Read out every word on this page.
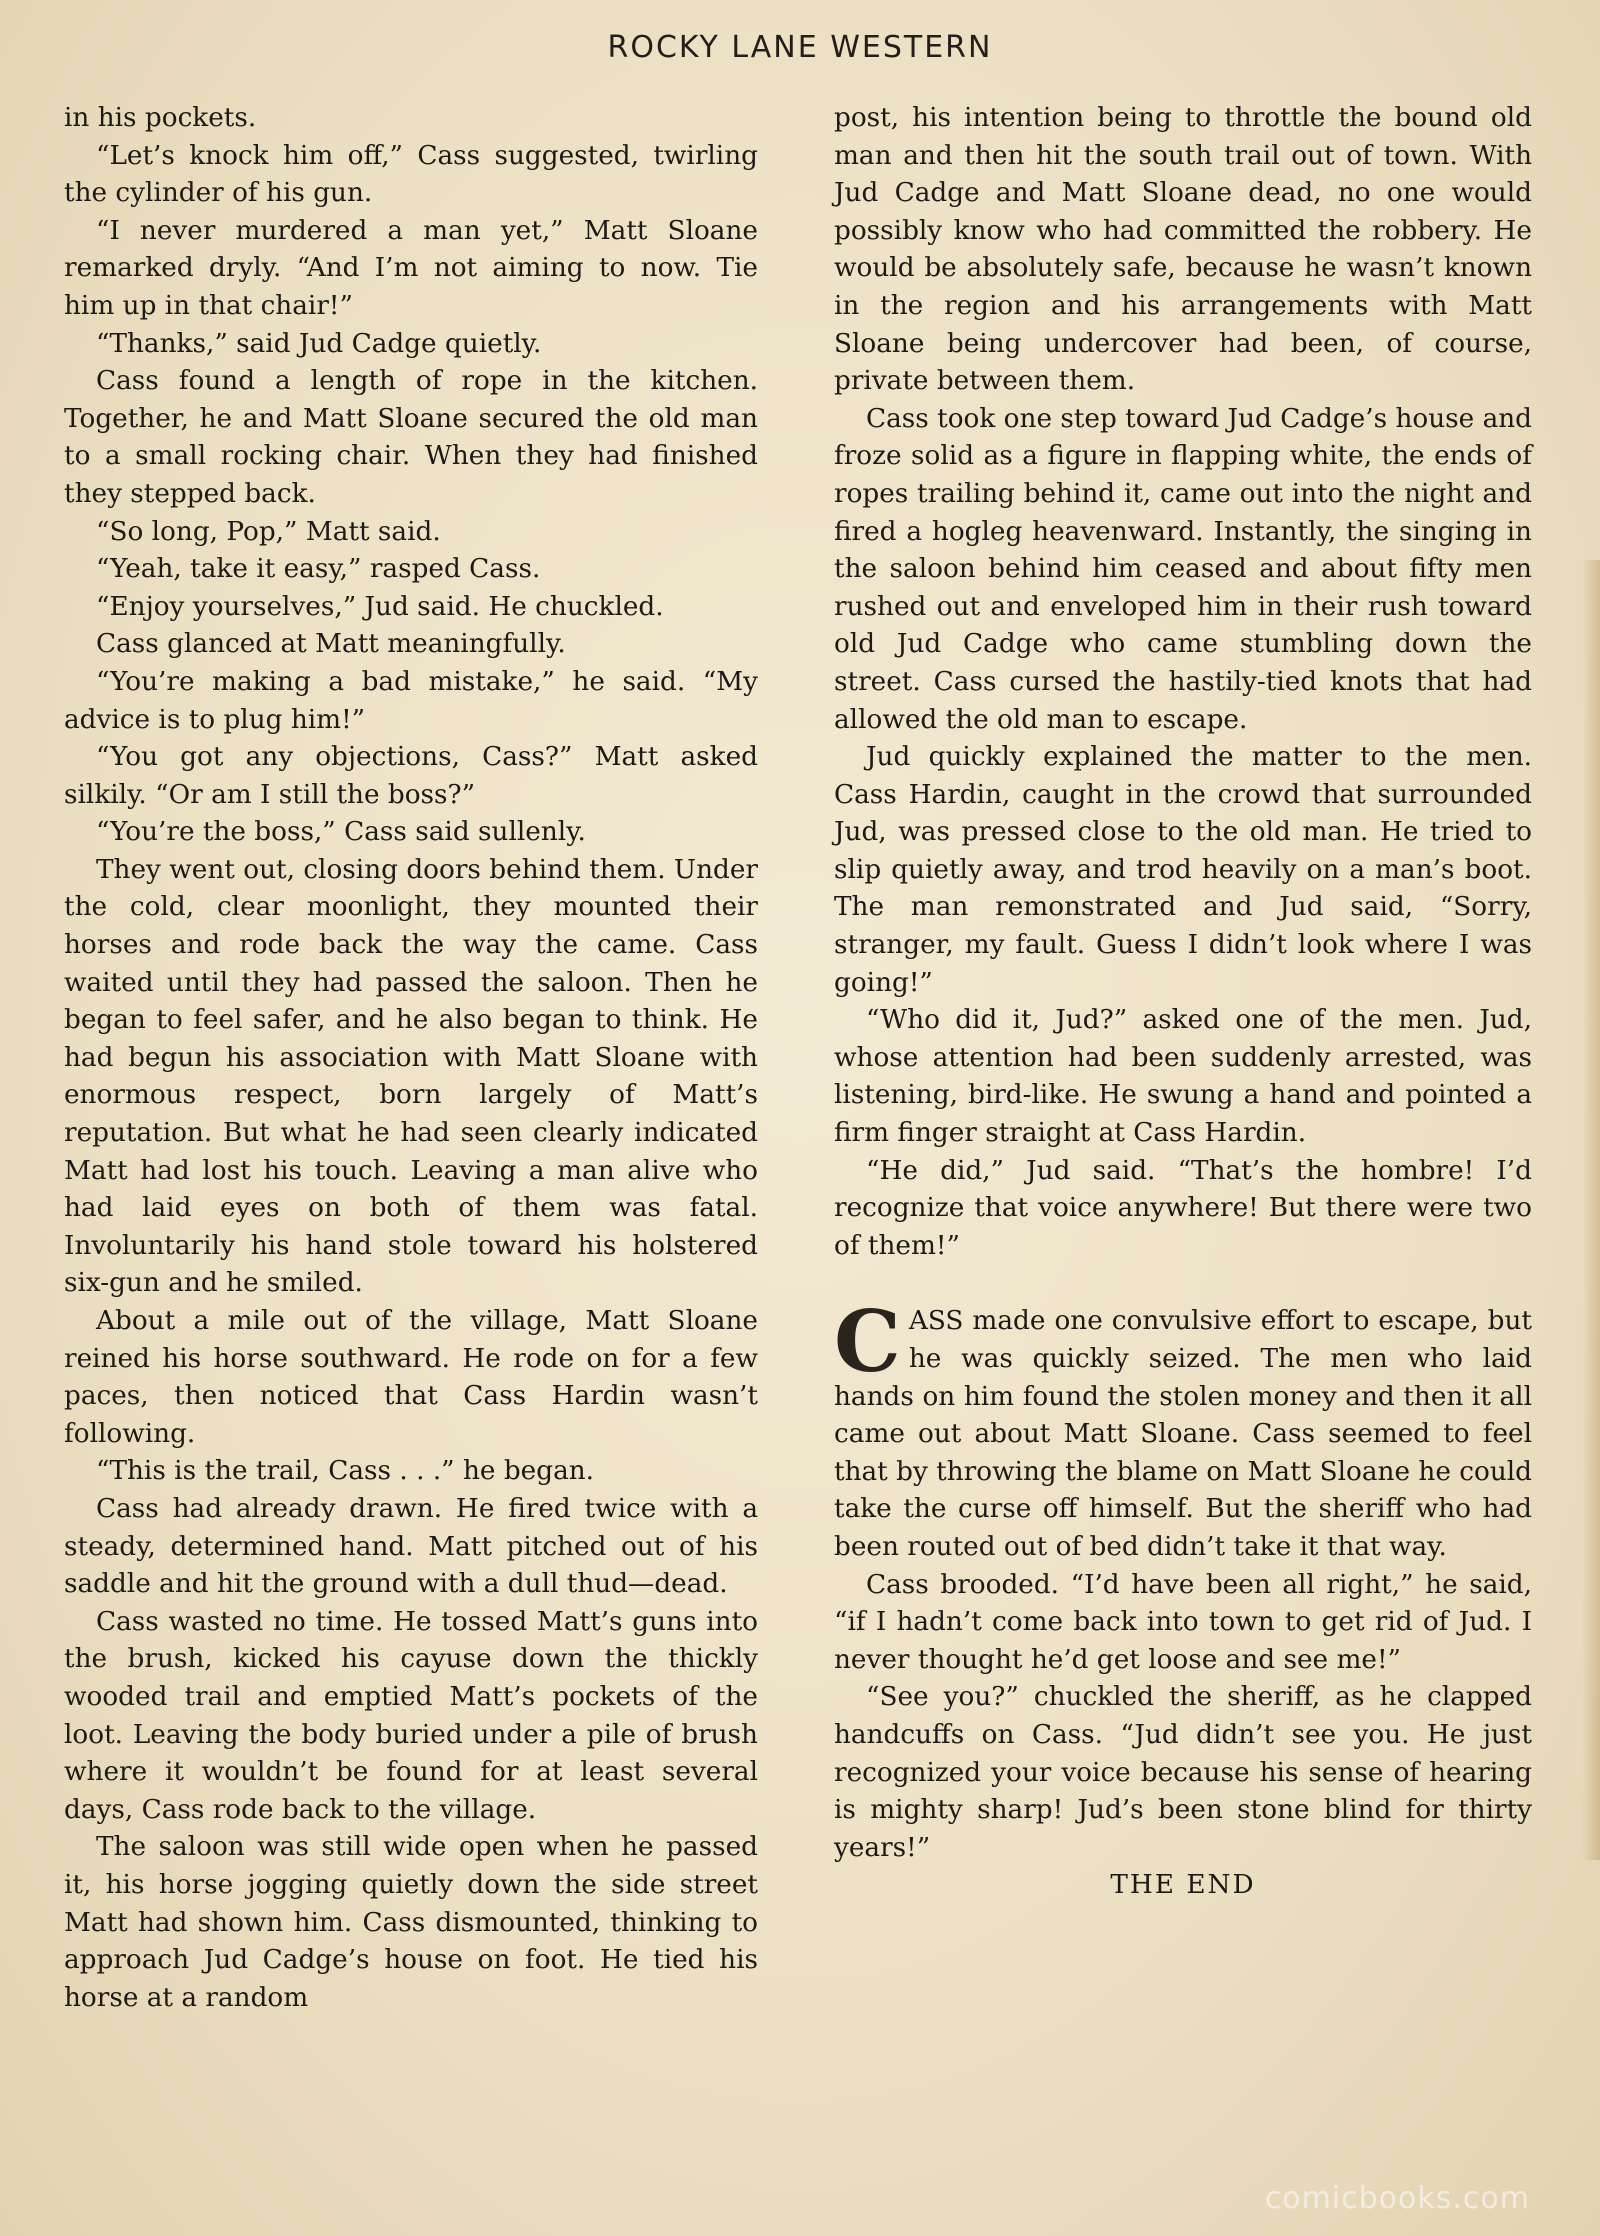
ROCKY LANE WESTERN

in his pockets.

“Let’s knock him off,” Cass suggested, twirling the cylinder of his gun.

“I never murdered a man yet,” Matt Sloane remarked dryly. “And I’m not aiming to now. Tie him up in that chair!”

“Thanks,” said Jud Cadge quietly.

Cass found a length of rope in the kitchen. Together, he and Matt Sloane secured the old man to a small rocking chair. When they had finished they stepped back.

“So long, Pop,” Matt said.

“Yeah, take it easy,” rasped Cass.

“Enjoy yourselves,” Jud said. He chuckled.

Cass glanced at Matt meaningfully.

“You’re making a bad mistake,” he said. “My advice is to plug him!”

“You got any objections, Cass?” Matt asked silkily. “Or am I still the boss?”

“You’re the boss,” Cass said sullenly.

They went out, closing doors behind them. Under the cold, clear moonlight, they mounted their horses and rode back the way the came. Cass waited until they had passed the saloon. Then he began to feel safer, and he also began to think. He had begun his association with Matt Sloane with enormous respect, born largely of Matt’s reputation. But what he had seen clearly indicated Matt had lost his touch. Leaving a man alive who had laid eyes on both of them was fatal. Involuntarily his hand stole toward his holstered six-gun and he smiled.

About a mile out of the village, Matt Sloane reined his horse southward. He rode on for a few paces, then noticed that Cass Hardin wasn’t following.

“This is the trail, Cass . . .” he began.

Cass had already drawn. He fired twice with a steady, determined hand. Matt pitched out of his saddle and hit the ground with a dull thud—dead.

Cass wasted no time. He tossed Matt’s guns into the brush, kicked his cayuse down the thickly wooded trail and emptied Matt’s pockets of the loot. Leaving the body buried under a pile of brush where it wouldn’t be found for at least several days, Cass rode back to the village.

The saloon was still wide open when he passed it, his horse jogging quietly down the side street Matt had shown him. Cass dismounted, thinking to approach Jud Cadge’s house on foot. He tied his horse at a random

post, his intention being to throttle the bound old man and then hit the south trail out of town. With Jud Cadge and Matt Sloane dead, no one would possibly know who had committed the robbery. He would be absolutely safe, because he wasn’t known in the region and his arrangements with Matt Sloane being undercover had been, of course, private between them.

Cass took one step toward Jud Cadge’s house and froze solid as a figure in flapping white, the ends of ropes trailing behind it, came out into the night and fired a hogleg heavenward. Instantly, the singing in the saloon behind him ceased and about fifty men rushed out and enveloped him in their rush toward old Jud Cadge who came stumbling down the street. Cass cursed the hastily-tied knots that had allowed the old man to escape.

Jud quickly explained the matter to the men. Cass Hardin, caught in the crowd that surrounded Jud, was pressed close to the old man. He tried to slip quietly away, and trod heavily on a man’s boot. The man remonstrated and Jud said, “Sorry, stranger, my fault. Guess I didn’t look where I was going!”

“Who did it, Jud?” asked one of the men. Jud, whose attention had been suddenly arrested, was listening, bird-like. He swung a hand and pointed a firm finger straight at Cass Hardin.

“He did,” Jud said. “That’s the hombre! I’d recognize that voice anywhere! But there were two of them!”

CASS made one convulsive effort to escape, but he was quickly seized. The men who laid hands on him found the stolen money and then it all came out about Matt Sloane. Cass seemed to feel that by throwing the blame on Matt Sloane he could take the curse off himself. But the sheriff who had been routed out of bed didn’t take it that way.

Cass brooded. “I’d have been all right,” he said, “if I hadn’t come back into town to get rid of Jud. I never thought he’d get loose and see me!”

“See you?” chuckled the sheriff, as he clapped handcuffs on Cass. “Jud didn’t see you. He just recognized your voice because his sense of hearing is mighty sharp! Jud’s been stone blind for thirty years!”

THE END

comicbooks.com
